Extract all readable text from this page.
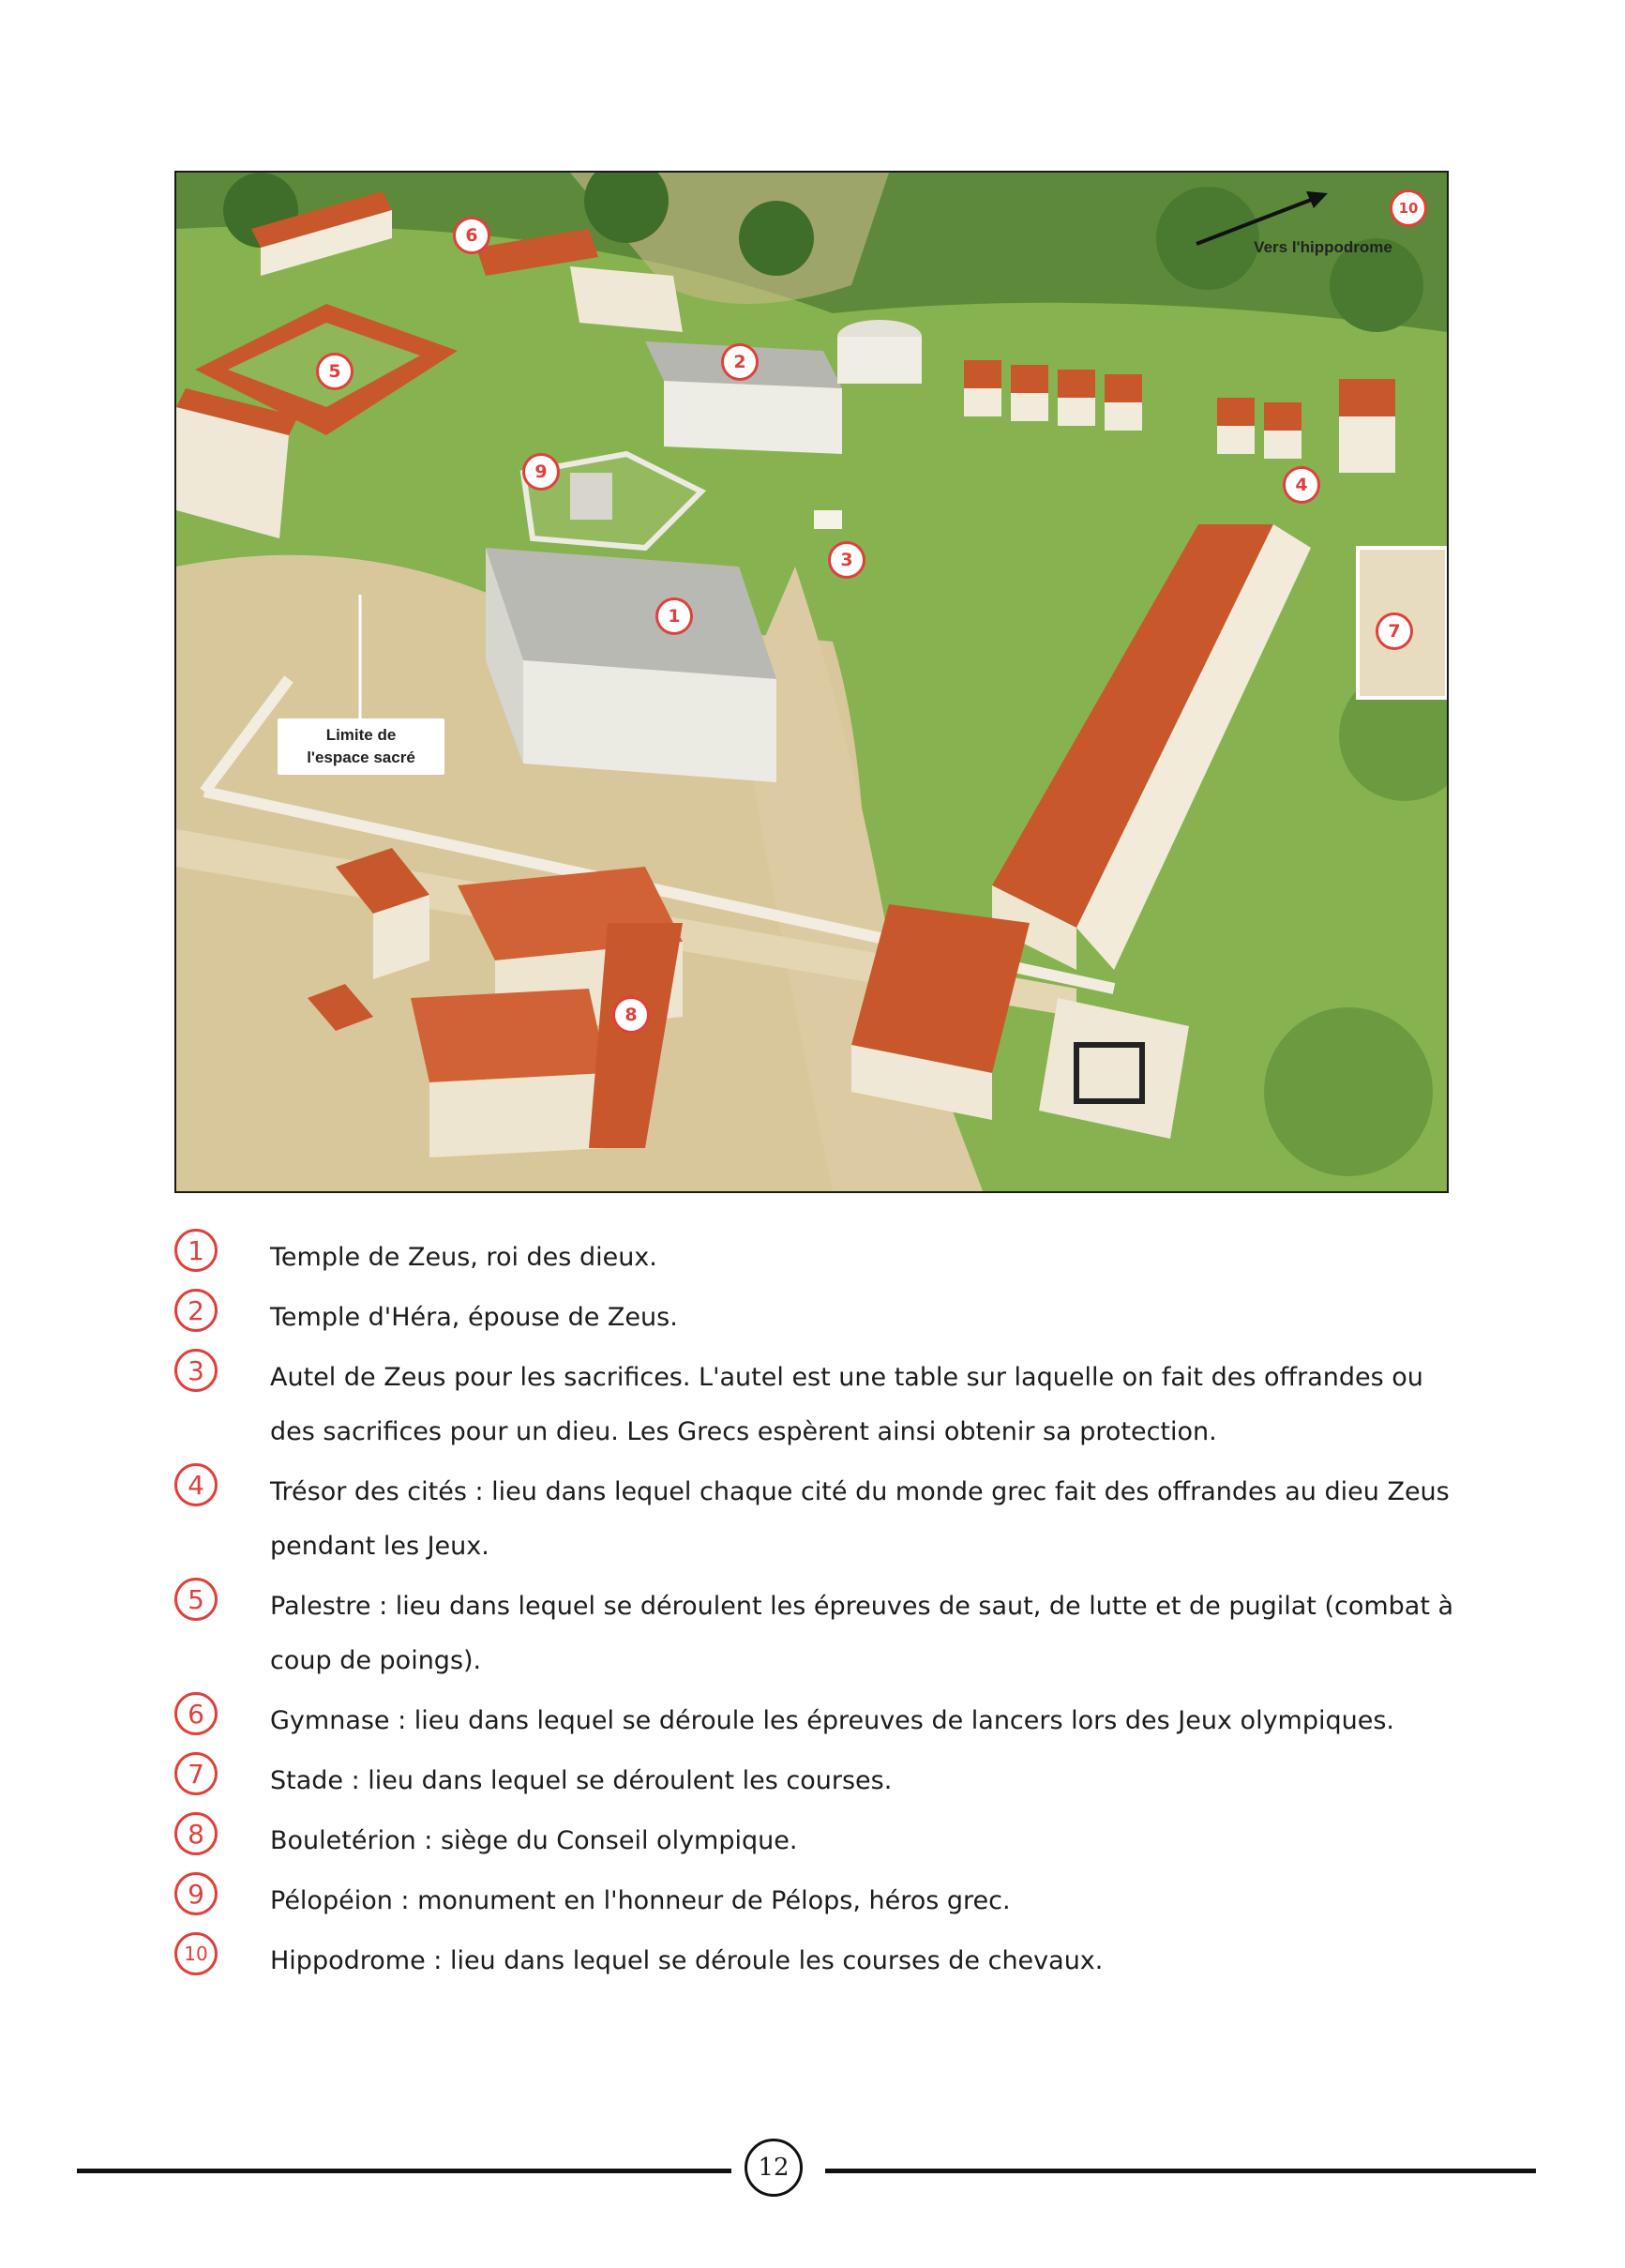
1
2
3
4
5
6
7
8
9
10
Vers l'hippodrome
Limite de
l'espace sacré
1	Temple de Zeus, roi des dieux.
2	Temple d'Héra, épouse de Zeus.
3	Autel de Zeus pour les sacrifices. L'autel est une table sur laquelle on fait des offrandes ou des sacrifices pour un dieu. Les Grecs espèrent ainsi obtenir sa protection.
4	Trésor des cités : lieu dans lequel chaque cité du monde grec fait des offrandes au dieu Zeus pendant les Jeux.
5	Palestre : lieu dans lequel se déroulent les épreuves de saut, de lutte et de pugilat (combat à coup de poings).
6	Gymnase : lieu dans lequel se déroule les épreuves de lancers lors des Jeux olympiques.
7	Stade : lieu dans lequel se déroulent les courses.
8	Bouletérion : siège du Conseil olympique.
9	Pélopéion : monument en l'honneur de Pélops, héros grec.
10	Hippodrome : lieu dans lequel se déroule les courses de chevaux.
12
